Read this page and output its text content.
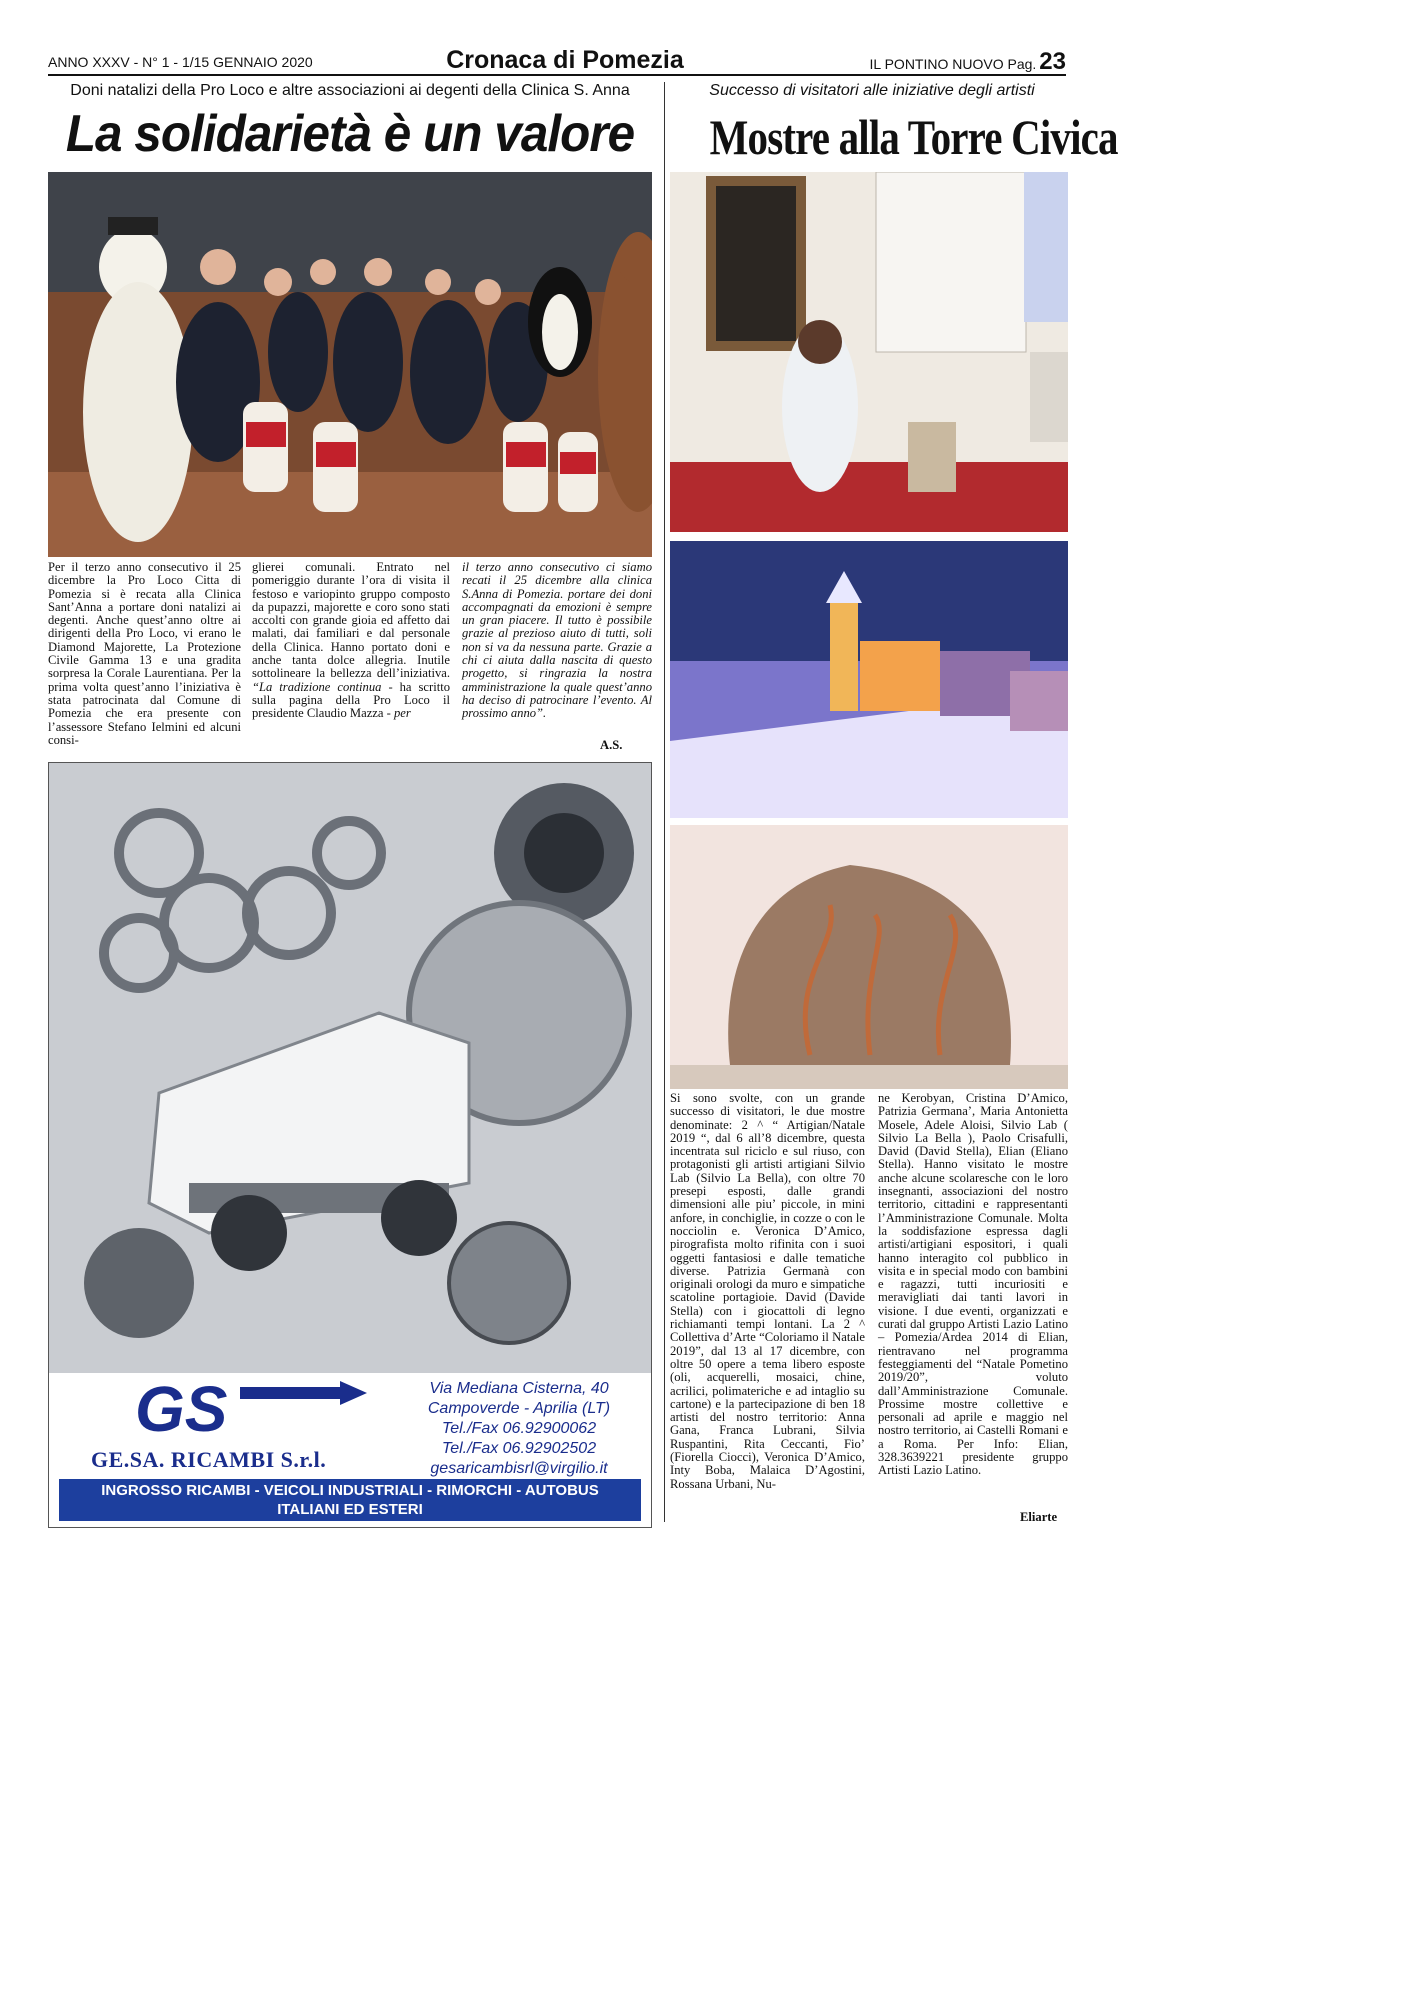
ANNO XXXV - N° 1 - 1/15 GENNAIO 2020	Cronaca di Pomezia	IL PONTINO NUOVO Pag. 23
Doni natalizi della Pro Loco e altre associazioni ai degenti della Clinica S. Anna
La solidarietà è un valore
Successo di visitatori alle iniziative degli artisti
Mostre alla Torre Civica
Per il terzo anno consecutivo il 25 dicembre la Pro Loco Citta di Pomezia si è recata alla Clinica Sant’Anna a portare doni natalizi ai degenti. Anche quest’anno oltre ai dirigenti della Pro Loco, vi erano le Diamond Majorette, La Protezione Civile Gamma 13 e una gradita sorpresa la Corale Laurentiana. Per la prima volta quest’anno l’iniziativa è stata patrocinata dal Comune di Pomezia che era presente con l’assessore Stefano Ielmini ed alcuni consi-
glierei comunali. Entrato nel pomeriggio durante l’ora di visita il festoso e variopinto gruppo composto da pupazzi, majorette e coro sono stati accolti con grande gioia ed affetto dai malati, dai familiari e dal personale della Clinica. Hanno portato doni e anche tanta dolce allegria. Inutile sottolineare la bellezza dell’iniziativa. “La tradizione continua - ha scritto sulla pagina della Pro Loco il presidente Claudio Mazza - per
il terzo anno consecutivo ci siamo recati il 25 dicembre alla clinica S.Anna di Pomezia. portare dei doni accompagnati da emozioni è sempre un gran piacere. Il tutto è possibile grazie al prezioso aiuto di tutti, soli non si va da nessuna parte. Grazie a chi ci aiuta dalla nascita di questo progetto, si ringrazia la nostra amministrazione la quale quest’anno ha deciso di patrocinare l’evento. Al prossimo anno”.
A.S.
Si sono svolte, con un grande successo di visitatori, le due mostre denominate: 2 ^ “ Artigian/Natale 2019 “, dal 6 all’8 dicembre, questa incentrata sul riciclo e sul riuso, con protagonisti gli artisti artigiani Silvio Lab (Silvio La Bella), con oltre 70 presepi esposti, dalle grandi dimensioni alle piu’ piccole, in mini anfore, in conchiglie, in cozze o con le nocciolin e. Veronica D’Amico, pirografista molto rifinita con i suoi oggetti fantasiosi e dalle tematiche diverse. Patrizia Germanà con originali orologi da muro e simpatiche scatoline portagioie. David (Davide Stella) con i giocattoli di legno richiamanti tempi lontani. La 2 ^ Collettiva d’Arte “Coloriamo il Natale 2019”, dal 13 al 17 dicembre, con oltre 50 opere a tema libero esposte (oli, acquerelli, mosaici, chine, acrilici, polimateriche e ad intaglio su cartone) e la partecipazione di ben 18 artisti del nostro territorio: Anna Gana, Franca Lubrani, Silvia Ruspantini, Rita Ceccanti, Fio’ (Fiorella Ciocci), Veronica D’Amico, Inty Boba, Malaica D’Agostini, Rossana Urbani, Nu-
ne Kerobyan, Cristina D’Amico, Patrizia Germana’, Maria Antonietta Mosele, Adele Aloisi, Silvio Lab ( Silvio La Bella ), Paolo Crisafulli, David (David Stella), Elian (Eliano Stella). Hanno visitato le mostre anche alcune scolaresche con le loro insegnanti, associazioni del nostro territorio, cittadini e rappresentanti l’Amministrazione Comunale. Molta la soddisfazione espressa dagli artisti/artigiani espositori, i quali hanno interagito col pubblico in visita e in special modo con bambini e ragazzi, tutti incuriositi e meravigliati dai tanti lavori in visione. I due eventi, organizzati e curati dal gruppo Artisti Lazio Latino – Pomezia/Ardea 2014 di Elian, rientravano nel programma festeggiamenti del “Natale Pometino 2019/20”, voluto dall’Amministrazione Comunale. Prossime mostre collettive e personali ad aprile e maggio nel nostro territorio, ai Castelli Romani e a Roma. Per Info: Elian, 328.3639221 presidente gruppo Artisti Lazio Latino.
Eliarte
GS
GE.SA. RICAMBI S.r.l.
Via Mediana Cisterna, 40
Campoverde - Aprilia (LT)
Tel./Fax 06.92900062
Tel./Fax 06.92902502
gesaricambisrl@virgilio.it
INGROSSO RICAMBI - VEICOLI INDUSTRIALI - RIMORCHI - AUTOBUS
ITALIANI ED ESTERI
